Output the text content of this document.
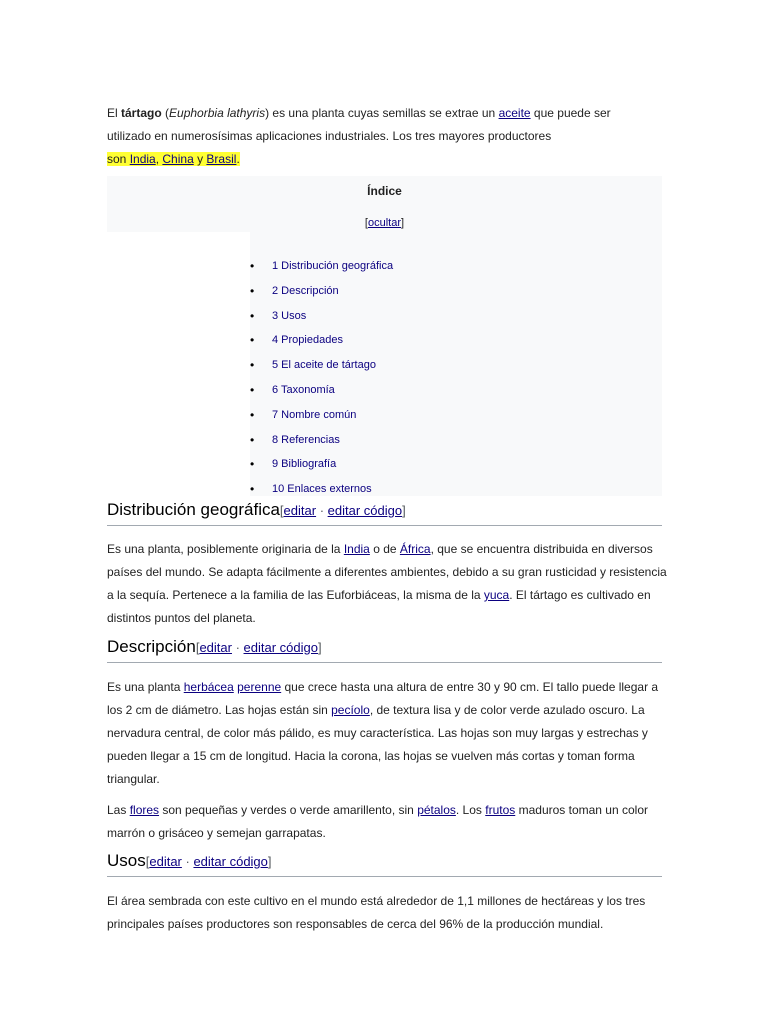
El tártago (Euphorbia lathyris) es una planta cuyas semillas se extrae un aceite que puede ser utilizado en numerosísimas aplicaciones industriales. Los tres mayores productores
son India, China y Brasil.

Índice
[ocultar]
• 1 Distribución geográfica
• 2 Descripción
• 3 Usos
• 4 Propiedades
• 5 El aceite de tártago
• 6 Taxonomía
• 7 Nombre común
• 8 Referencias
• 9 Bibliografía
• 10 Enlaces externos
Distribución geográfica[editar · editar código]

Es una planta, posiblemente originaria de la India o de África, que se encuentra distribuida en diversos países del mundo. Se adapta fácilmente a diferentes ambientes, debido a su gran rusticidad y resistencia a la sequía. Pertenece a la familia de las Euforbiáceas, la misma de la yuca. El tártago es cultivado en distintos puntos del planeta.

Descripción[editar · editar código]

Es una planta herbácea perenne que crece hasta una altura de entre 30 y 90 cm. El tallo puede llegar a los 2 cm de diámetro. Las hojas están sin pecíolo, de textura lisa y de color verde azulado oscuro. La nervadura central, de color más pálido, es muy característica. Las hojas son muy largas y estrechas y pueden llegar a 15 cm de longitud. Hacia la corona, las hojas se vuelven más cortas y toman forma triangular.

Las flores son pequeñas y verdes o verde amarillento, sin pétalos. Los frutos maduros toman un color marrón o grisáceo y semejan garrapatas.

Usos[editar · editar código]

El área sembrada con este cultivo en el mundo está alrededor de 1,1 millones de hectáreas y los tres principales países productores son responsables de cerca del 96% de la producción mundial.
